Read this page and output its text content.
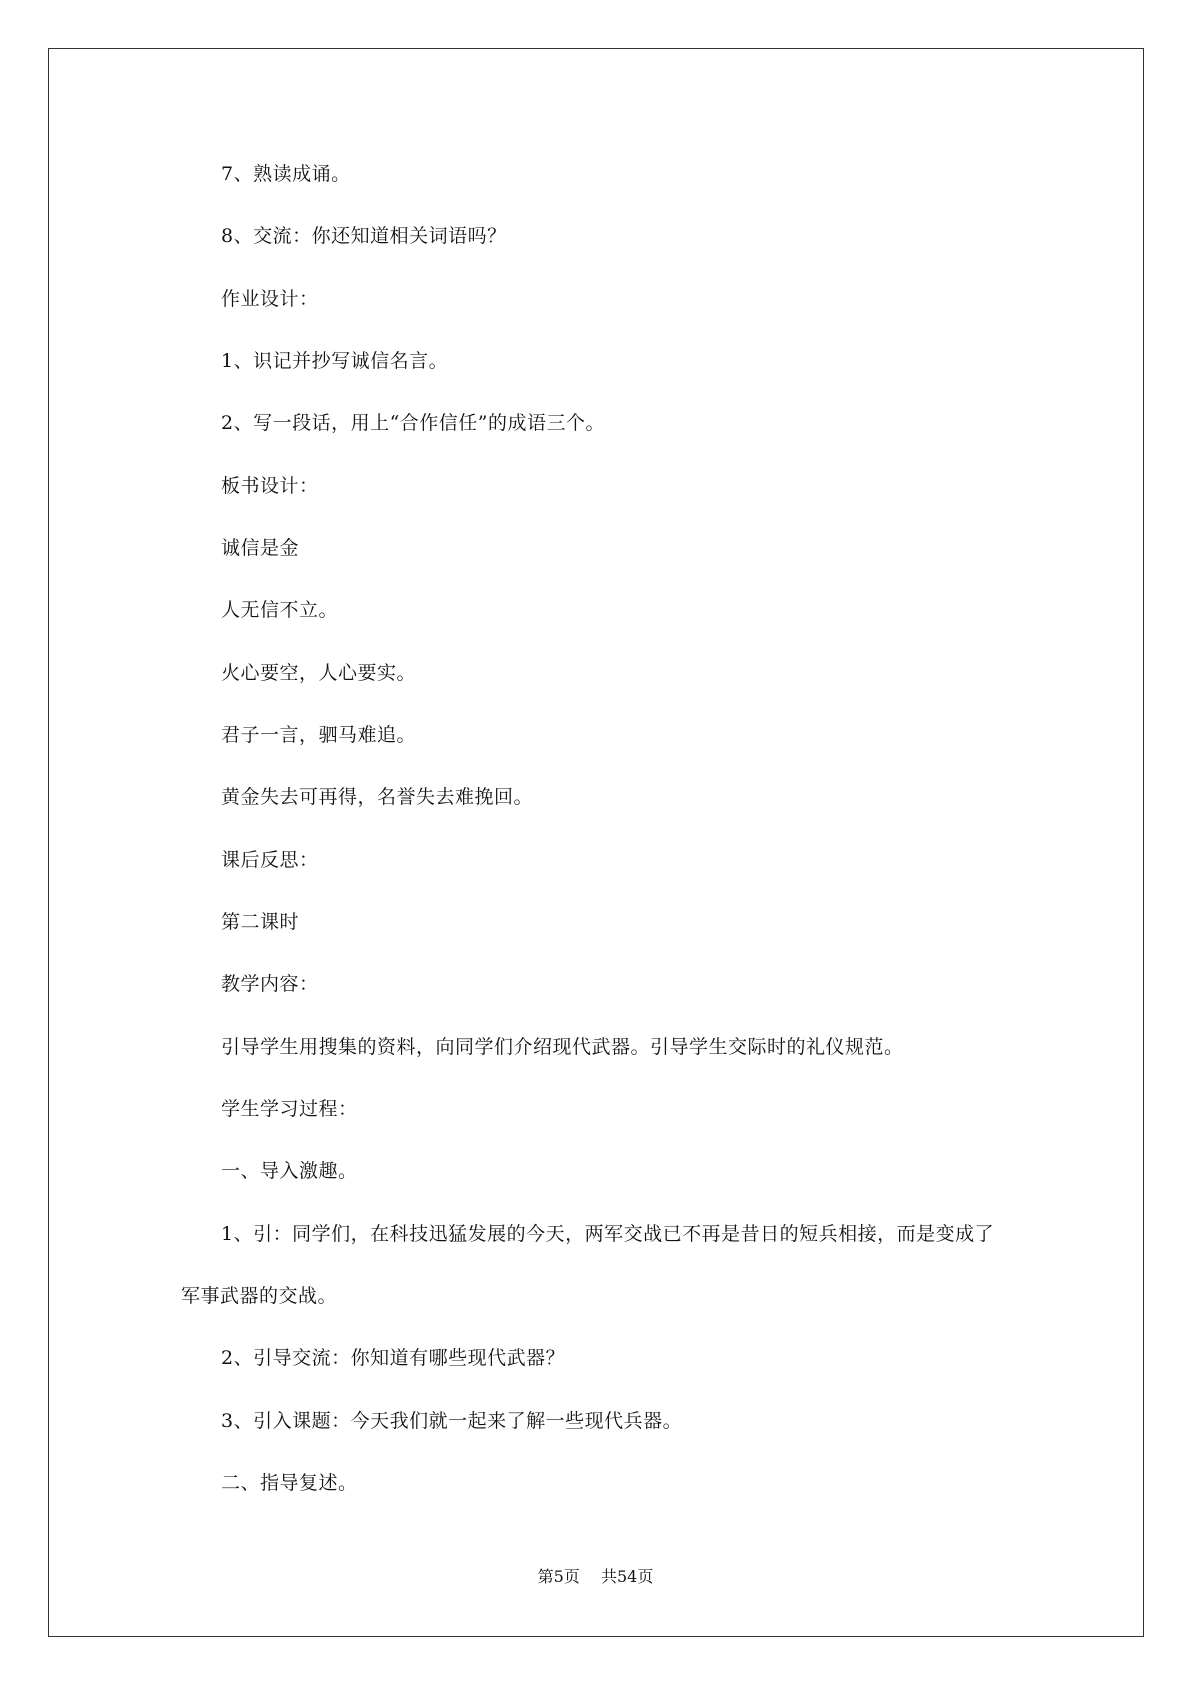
7、熟读成诵。
8、交流：你还知道相关词语吗？
作业设计：
1、识记并抄写诚信名言。
2、写一段话，用上“合作信任”的成语三个。
板书设计：
诚信是金
人无信不立。
火心要空，人心要实。
君子一言，驷马难追。
黄金失去可再得，名誉失去难挽回。
课后反思：
第二课时
教学内容：
引导学生用搜集的资料，向同学们介绍现代武器。引导学生交际时的礼仪规范。
学生学习过程：
一、导入激趣。
1、引：同学们，在科技迅猛发展的今天，两军交战已不再是昔日的短兵相接，而是变成了
军事武器的交战。
2、引导交流：你知道有哪些现代武器？
3、引入课题：今天我们就一起来了解一些现代兵器。
二、指导复述。
第5页 共54页
